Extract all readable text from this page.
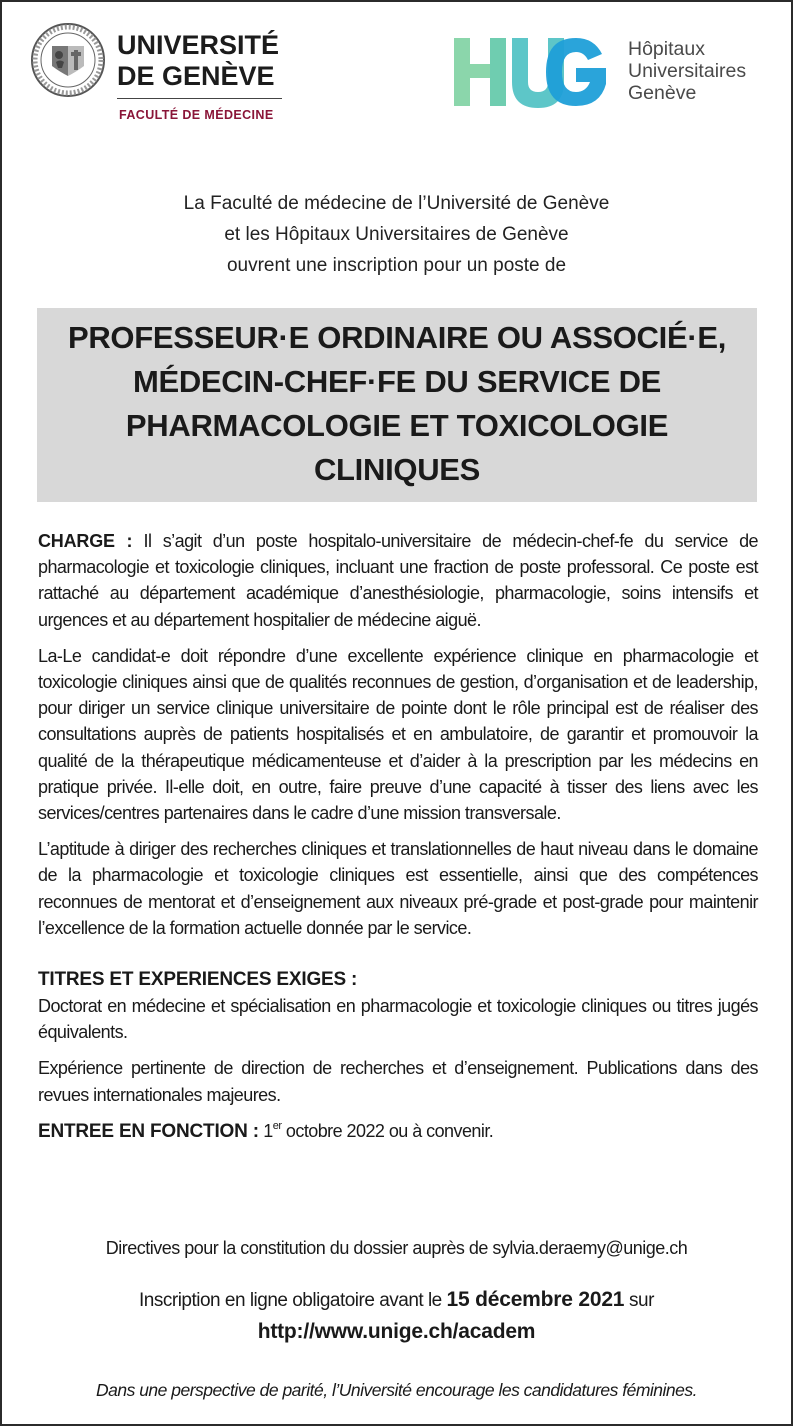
UNIVERSITÉ
DE GENÈVE
FACULTÉ DE MÉDECINE
Hôpitaux
Universitaires
Genève
La Faculté de médecine de l’Université de Genève
et les Hôpitaux Universitaires de Genève
ouvrent une inscription pour un poste de
PROFESSEUR·E ORDINAIRE OU ASSOCIÉ·E,
MÉDECIN-CHEF·FE DU SERVICE DE
PHARMACOLOGIE ET TOXICOLOGIE
CLINIQUES

CHARGE : Il s’agit d’un poste hospitalo-universitaire de médecin-chef-fe du service de pharmacologie et toxicologie cliniques, incluant une fraction de poste professoral. Ce poste est rattaché au département académique d’anesthésiologie, pharmacologie, soins intensifs et urgences et au département hospitalier de médecine aiguë.

La-Le candidat-e doit répondre d’une excellente expérience clinique en pharmacologie et toxicologie cliniques ainsi que de qualités reconnues de gestion, d’organisation et de leadership, pour diriger un service clinique universitaire de pointe dont le rôle principal est de réaliser des consultations auprès de patients hospitalisés et en ambulatoire, de garantir et promouvoir la qualité de la thérapeutique médicamenteuse et d’aider à la prescription par les médecins en pratique privée. Il-elle doit, en outre, faire preuve d’une capacité à tisser des liens avec les services/centres partenaires dans le cadre d’une mission transversale.

L’aptitude à diriger des recherches cliniques et translationnelles de haut niveau dans le domaine de la pharmacologie et toxicologie cliniques est essentielle, ainsi que des compétences reconnues de mentorat et d’enseignement aux niveaux pré-grade et post-grade pour maintenir l’excellence de la formation actuelle donnée par le service.

TITRES ET EXPERIENCES EXIGES :

Doctorat en médecine et spécialisation en pharmacologie et toxicologie cliniques ou titres jugés équivalents.

Expérience pertinente de direction de recherches et d’enseignement. Publications dans des revues internationales majeures.

ENTREE EN FONCTION : 1er octobre 2022 ou à convenir.

Directives pour la constitution du dossier auprès de sylvia.deraemy@unige.ch
Inscription en ligne obligatoire avant le 15 décembre 2021 sur
http://www.unige.ch/academ
Dans une perspective de parité, l’Université encourage les candidatures féminines.
